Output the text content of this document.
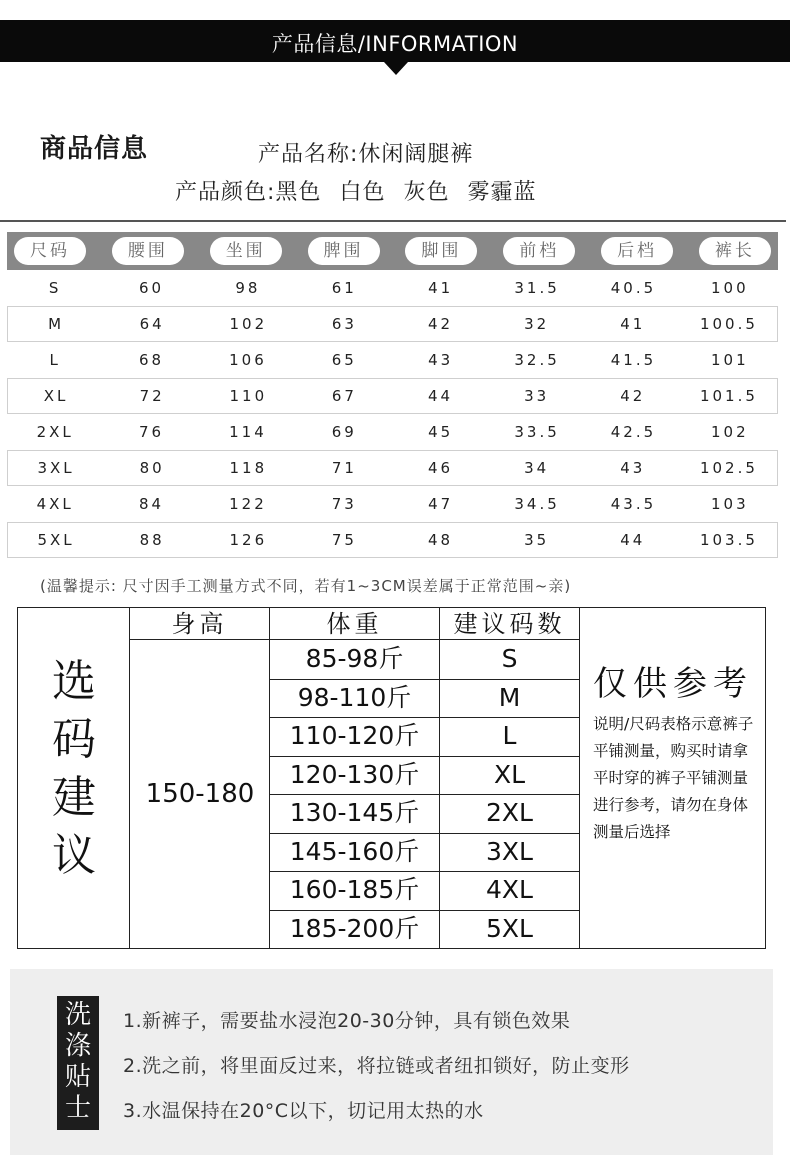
产品信息/INFORMATION
商品信息	产品名称:休闲阔腿裤
产品颜色:黑色 白色 灰色 雾霾蓝
尺码	腰围	坐围	脾围	脚围	前档	后档	裤长
S	60	98	61	41	31.5	40.5	100
M	64	102	63	42	32	41	100.5
L	68	106	65	43	32.5	41.5	101
XL	72	110	67	44	33	42	101.5
2XL	76	114	69	45	33.5	42.5	102
3XL	80	118	71	46	34	43	102.5
4XL	84	122	73	47	34.5	43.5	103
5XL	88	126	75	48	35	44	103.5
(温馨提示: 尺寸因手工测量方式不同，若有1~3CM误差属于正常范围~亲)
选
码
建
议
身高	体重	建议码数
150-180
85-98斤	S
98-110斤	M
110-120斤	L
120-130斤	XL
130-145斤	2XL
145-160斤	3XL
160-185斤	4XL
185-200斤	5XL
仅供参考
说明/尺码表格示意裤子平铺测量，购买时请拿平时穿的裤子平铺测量进行参考，请勿在身体测量后选择
洗
涤
贴
士
1.新裤子，需要盐水浸泡20-30分钟，具有锁色效果
2.洗之前，将里面反过来，将拉链或者纽扣锁好，防止变形
3.水温保持在20°C以下，切记用太热的水
